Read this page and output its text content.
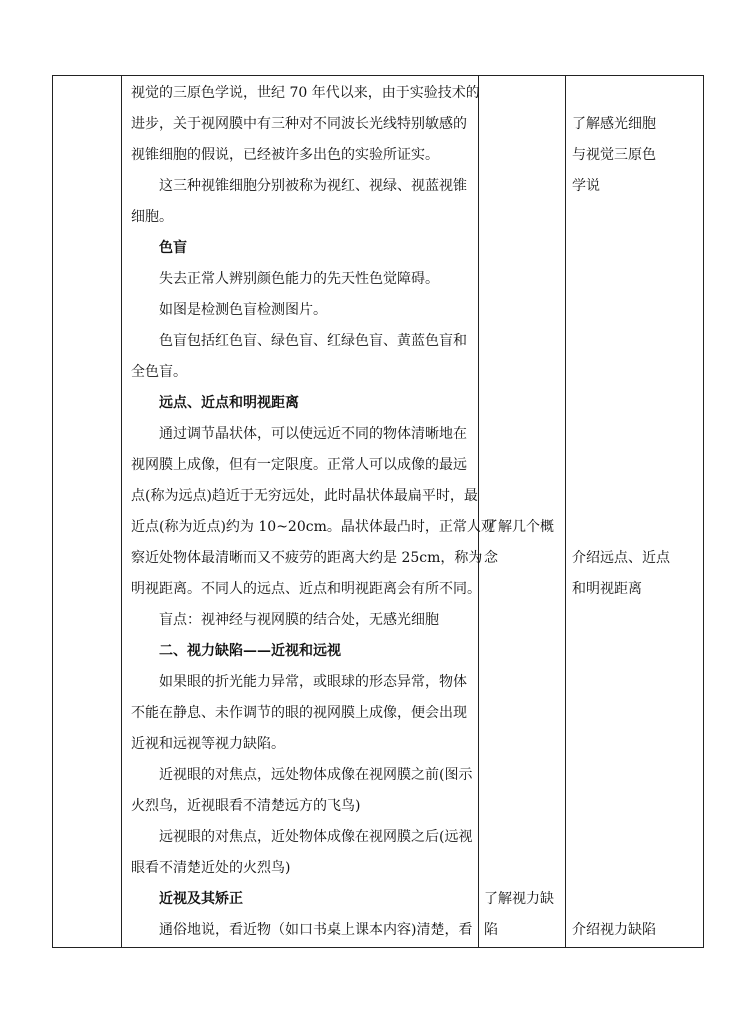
视觉的三原色学说，世纪 70 年代以来，由于实验技术的
进步，关于视网膜中有三种对不同波长光线特别敏感的
视锥细胞的假说，已经被许多出色的实验所证实。
这三种视锥细胞分别被称为视红、视绿、视蓝视锥
细胞。
色盲
失去正常人辨别颜色能力的先天性色觉障碍。
如图是检测色盲检测图片。
色盲包括红色盲、绿色盲、红绿色盲、黄蓝色盲和
全色盲。
远点、近点和明视距离
通过调节晶状体，可以使远近不同的物体清晰地在
视网膜上成像，但有一定限度。正常人可以成像的最远
点(称为远点)趋近于无穷远处，此时晶状体最扁平时，最
近点(称为近点)约为 10~20cm。晶状体最凸时，正常人观
察近处物体最清晰而又不疲劳的距离大约是 25cm，称为
明视距离。不同人的远点、近点和明视距离会有所不同。
盲点：视神经与视网膜的结合处，无感光细胞
二、视力缺陷——近视和远视
如果眼的折光能力异常，或眼球的形态异常，物体
不能在静息、未作调节的眼的视网膜上成像，便会出现
近视和远视等视力缺陷。
近视眼的对焦点，远处物体成像在视网膜之前(图示
火烈鸟，近视眼看不清楚远方的飞鸟)
远视眼的对焦点，近处物体成像在视网膜之后(远视
眼看不清楚近处的火烈鸟)
近视及其矫正
通俗地说，看近物（如口书桌上课本内容)清楚，看
了解几个概
念
了解视力缺
陷
了解感光细胞
与视觉三原色
学说
介绍远点、近点
和明视距离
介绍视力缺陷
